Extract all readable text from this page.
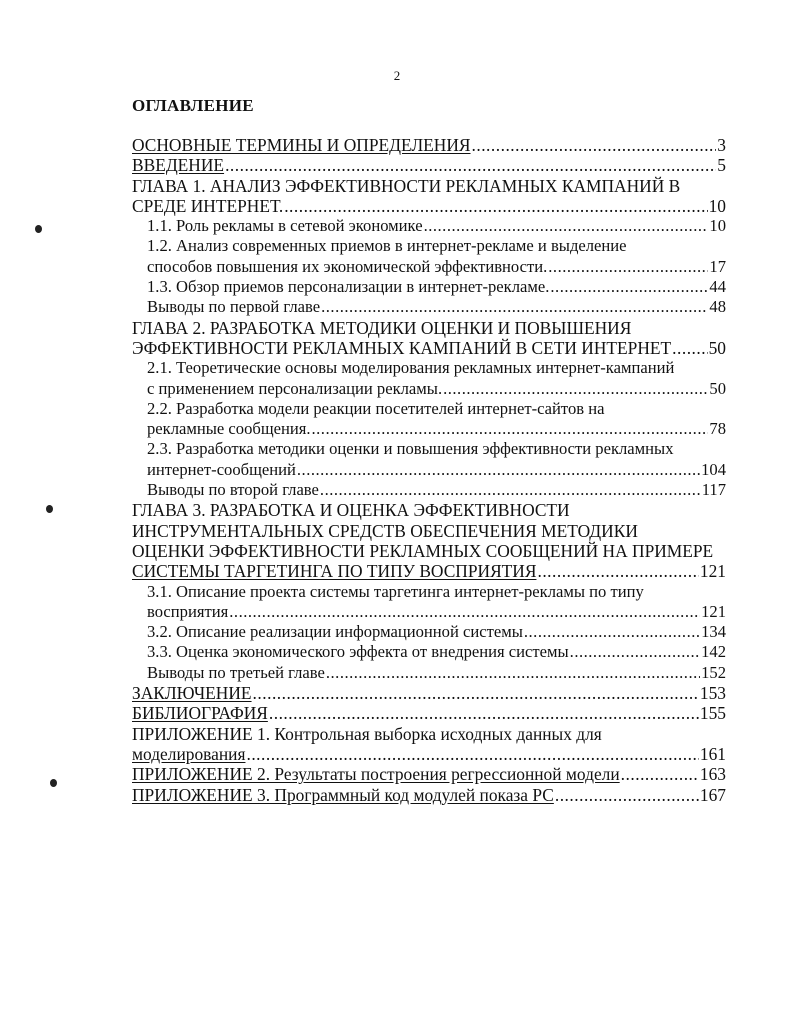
2
ОГЛАВЛЕНИЕ
ОСНОВНЫЕ ТЕРМИНЫ И ОПРЕДЕЛЕНИЯ .....	3
ВВЕДЕНИЕ .....	5
ГЛАВА 1. АНАЛИЗ ЭФФЕКТИВНОСТИ РЕКЛАМНЫХ КАМПАНИЙ В
СРЕДЕ ИНТЕРНЕТ. .....	10
1.1. Роль рекламы в сетевой экономике .....	10
1.2. Анализ современных приемов в интернет-рекламе и выделение
способов повышения их экономической эффективности. .....	17
1.3. Обзор приемов персонализации в интернет-рекламе. .....	44
Выводы по первой главе .....	48
ГЛАВА 2. РАЗРАБОТКА МЕТОДИКИ ОЦЕНКИ И ПОВЫШЕНИЯ
ЭФФЕКТИВНОСТИ РЕКЛАМНЫХ КАМПАНИЙ В СЕТИ ИНТЕРНЕТ ..... 50
2.1. Теоретические основы моделирования рекламных интернет-кампаний
с применением персонализации рекламы. .....	50
2.2. Разработка модели реакции посетителей интернет-сайтов на
рекламные сообщения. .....	78
2.3. Разработка методики оценки и повышения эффективности рекламных
интернет-сообщений .....	104
Выводы по второй главе .....	117
ГЛАВА 3. РАЗРАБОТКА И ОЦЕНКА ЭФФЕКТИВНОСТИ
ИНСТРУМЕНТАЛЬНЫХ СРЕДСТВ ОБЕСПЕЧЕНИЯ МЕТОДИКИ
ОЦЕНКИ ЭФФЕКТИВНОСТИ РЕКЛАМНЫХ СООБЩЕНИЙ НА ПРИМЕРЕ
СИСТЕМЫ ТАРГЕТИНГА ПО ТИПУ ВОСПРИЯТИЯ .....	121
3.1. Описание проекта системы таргетинга интернет-рекламы по типу
восприятия .....	121
3.2. Описание реализации информационной системы .....	134
3.3. Оценка экономического эффекта от внедрения системы .....	142
Выводы по третьей главе .....	152
ЗАКЛЮЧЕНИЕ .....	153
БИБЛИОГРАФИЯ .....	155
ПРИЛОЖЕНИЕ 1. Контрольная выборка исходных данных для
моделирования .....	161
ПРИЛОЖЕНИЕ 2. Результаты построения регрессионной модели .....	163
ПРИЛОЖЕНИЕ 3. Программный код модулей показа РС .....	167
